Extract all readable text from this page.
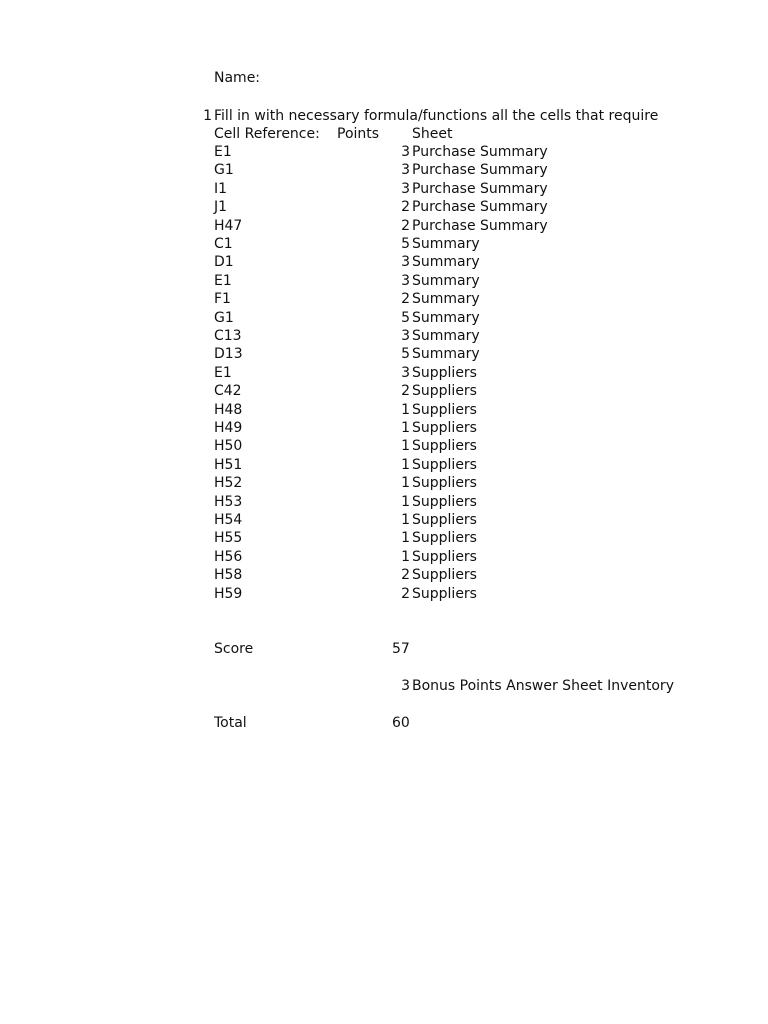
Name:
1 Fill in with necessary formula/functions all the cells that require
Cell Reference: Points Sheet
E1	3 Purchase Summary
G1	3 Purchase Summary
I1	3 Purchase Summary
J1	2 Purchase Summary
H47	2 Purchase Summary
C1	5 Summary
D1	3 Summary
E1	3 Summary
F1	2 Summary
G1	5 Summary
C13	3 Summary
D13	5 Summary
E1	3 Suppliers
C42	2 Suppliers
H48	1 Suppliers
H49	1 Suppliers
H50	1 Suppliers
H51	1 Suppliers
H52	1 Suppliers
H53	1 Suppliers
H54	1 Suppliers
H55	1 Suppliers
H56	1 Suppliers
H58	2 Suppliers
H59	2 Suppliers
Score	57
3 Bonus Points Answer Sheet Inventory
Total	60
